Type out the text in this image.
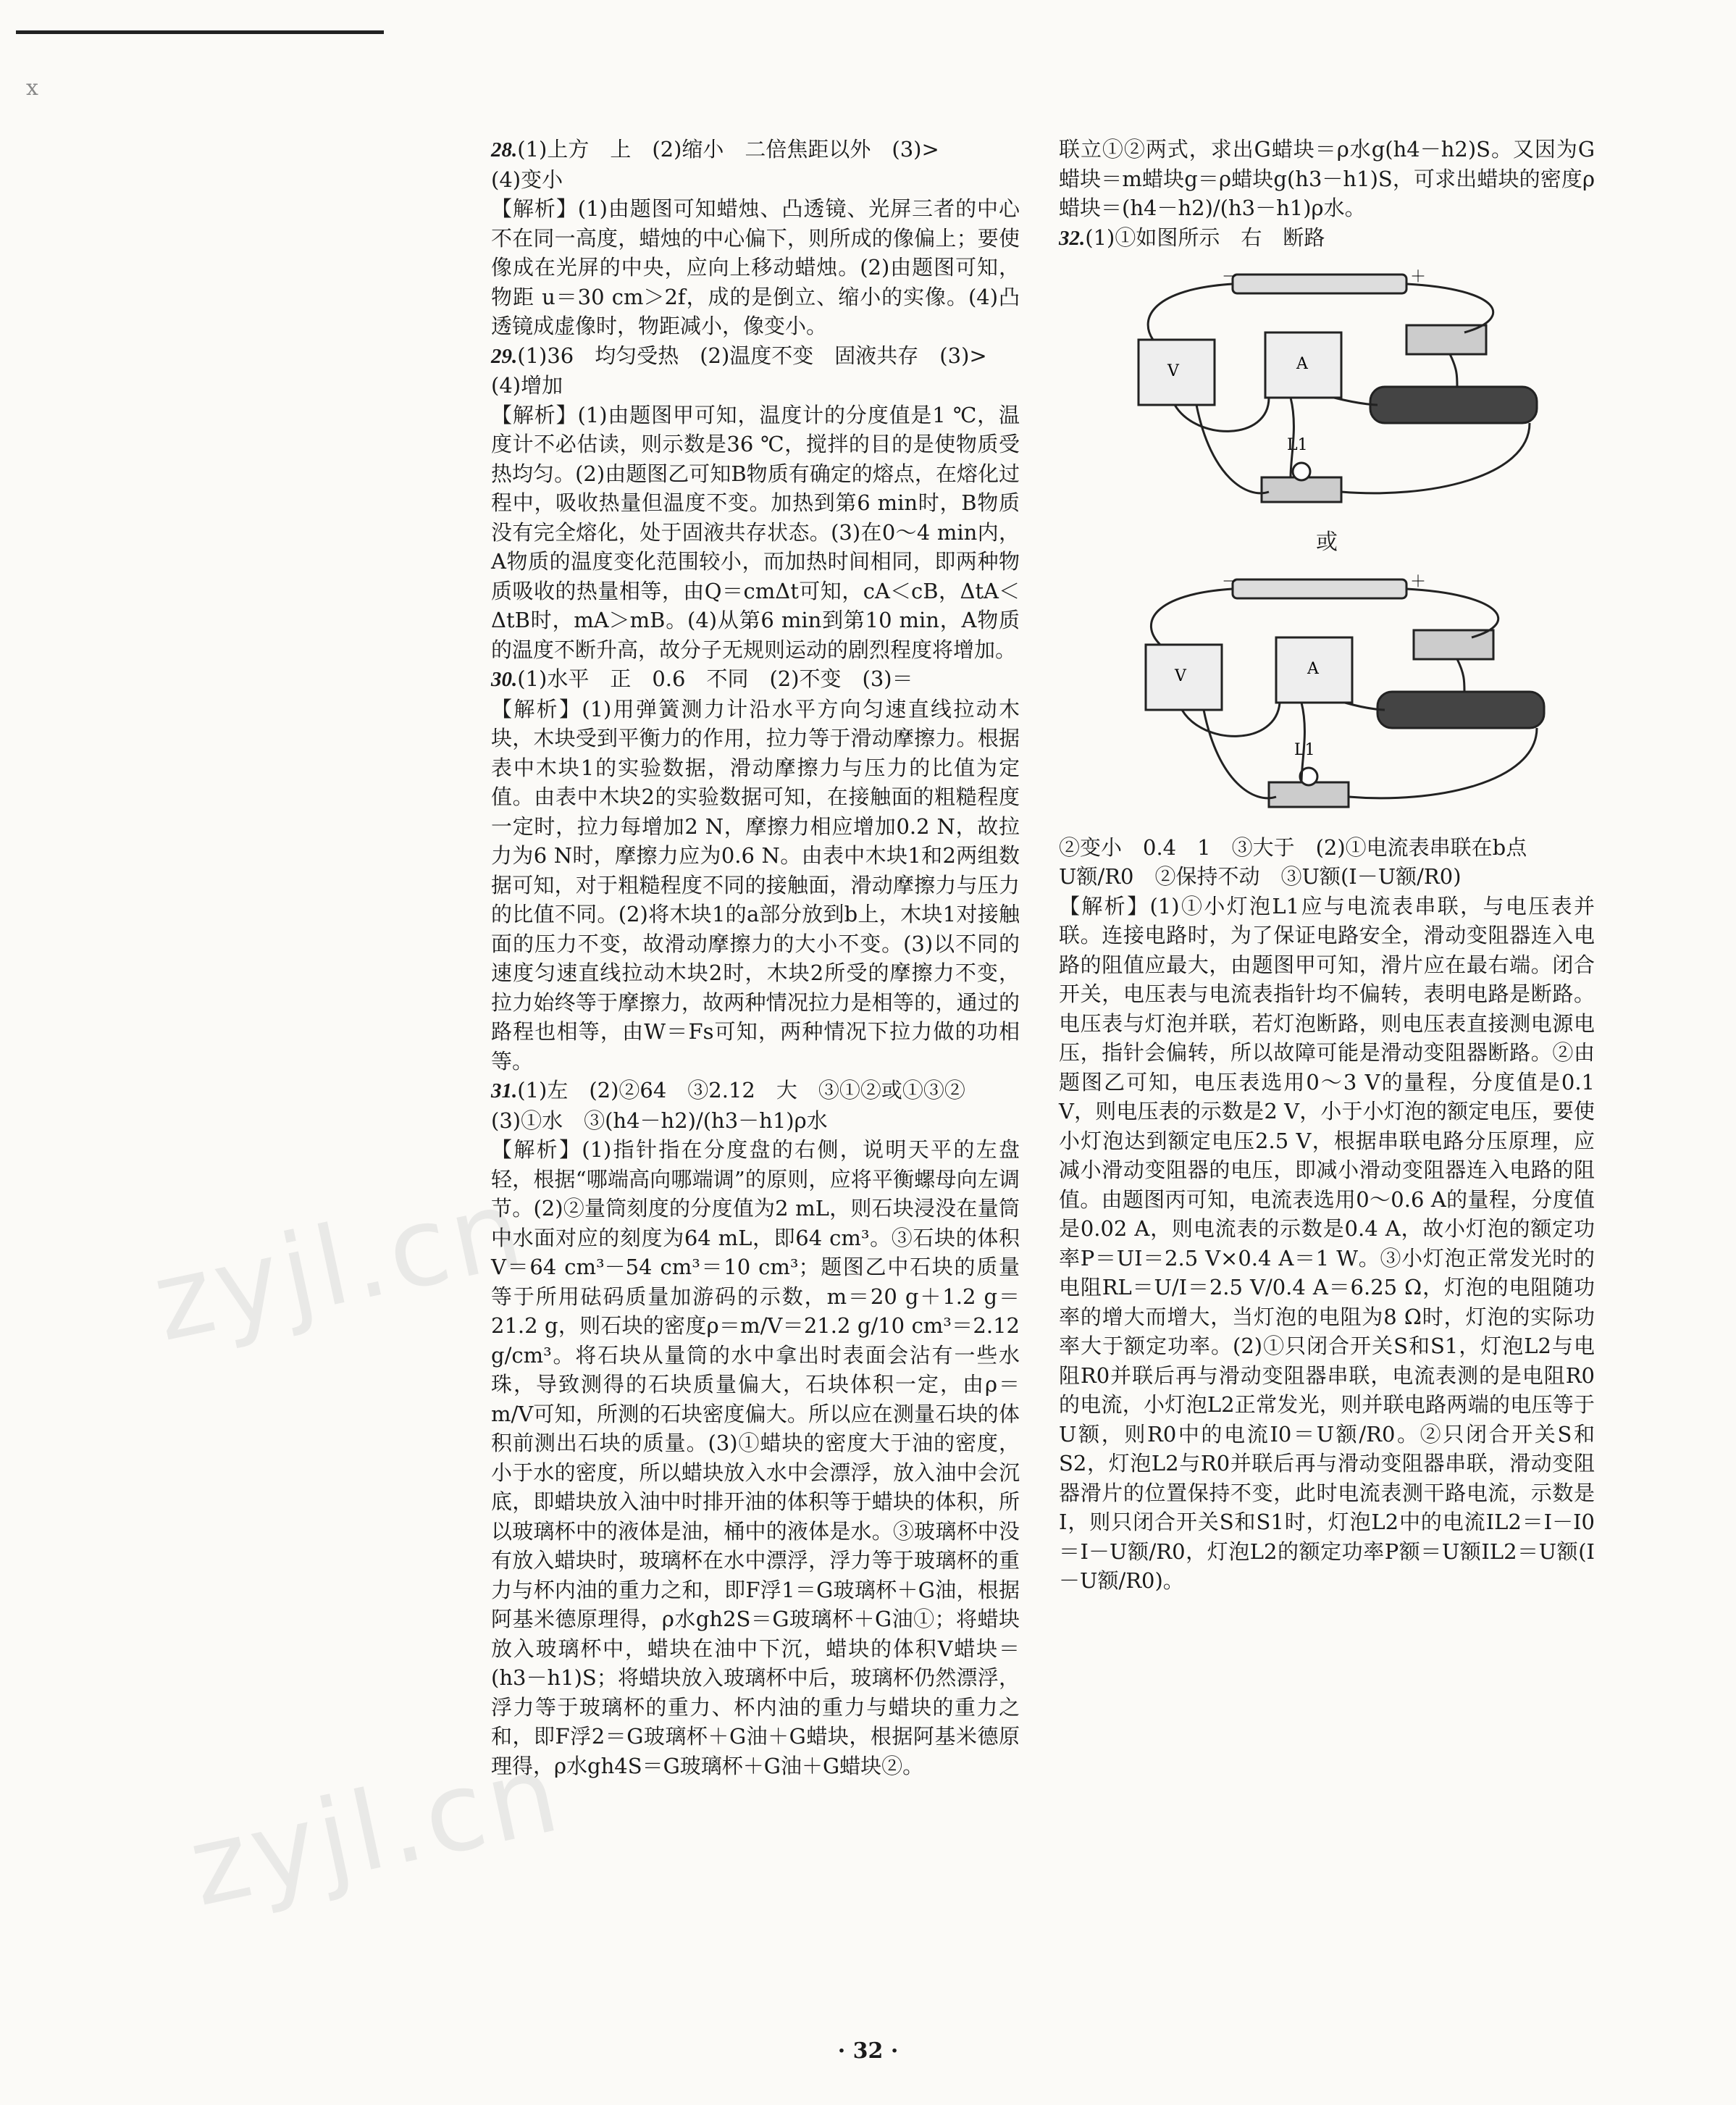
ⅹ
zyjl.cn
zyjl.cn

28.(1)上方　上　(2)缩小　二倍焦距以外　(3)>

(4)变小

【解析】(1)由题图可知蜡烛、凸透镜、光屏三者的中心不在同一高度，蜡烛的中心偏下，则所成的像偏上；要使像成在光屏的中央，应向上移动蜡烛。(2)由题图可知，物距 u＝30 cm＞2f，成的是倒立、缩小的实像。(4)凸透镜成虚像时，物距减小，像变小。

29.(1)36　均匀受热　(2)温度不变　固液共存　(3)>

(4)增加

【解析】(1)由题图甲可知，温度计的分度值是1 ℃，温度计不必估读，则示数是36 ℃，搅拌的目的是使物质受热均匀。(2)由题图乙可知B物质有确定的熔点，在熔化过程中，吸收热量但温度不变。加热到第6 min时，B物质没有完全熔化，处于固液共存状态。(3)在0～4 min内，A物质的温度变化范围较小，而加热时间相同，即两种物质吸收的热量相等，由Q＝cmΔt可知，cA＜cB，ΔtA＜ΔtB时，mA＞mB。(4)从第6 min到第10 min，A物质的温度不断升高，故分子无规则运动的剧烈程度将增加。

30.(1)水平　正　0.6　不同　(2)不变　(3)＝

【解析】(1)用弹簧测力计沿水平方向匀速直线拉动木块，木块受到平衡力的作用，拉力等于滑动摩擦力。根据表中木块1的实验数据，滑动摩擦力与压力的比值为定值。由表中木块2的实验数据可知，在接触面的粗糙程度一定时，拉力每增加2 N，摩擦力相应增加0.2 N，故拉力为6 N时，摩擦力应为0.6 N。由表中木块1和2两组数据可知，对于粗糙程度不同的接触面，滑动摩擦力与压力的比值不同。(2)将木块1的a部分放到b上，木块1对接触面的压力不变，故滑动摩擦力的大小不变。(3)以不同的速度匀速直线拉动木块2时，木块2所受的摩擦力不变，拉力始终等于摩擦力，故两种情况拉力是相等的，通过的路程也相等，由W＝Fs可知，两种情况下拉力做的功相等。

31.(1)左　(2)②64　③2.12　大　③①②或①③②

(3)①水　③(h4－h2)/(h3－h1)ρ水

【解析】(1)指针指在分度盘的右侧，说明天平的左盘轻，根据“哪端高向哪端调”的原则，应将平衡螺母向左调节。(2)②量筒刻度的分度值为2 mL，则石块浸没在量筒中水面对应的刻度为64 mL，即64 cm³。③石块的体积V＝64 cm³－54 cm³＝10 cm³；题图乙中石块的质量等于所用砝码质量加游码的示数，m＝20 g＋1.2 g＝21.2 g，则石块的密度ρ＝m/V＝21.2 g/10 cm³＝2.12 g/cm³。将石块从量筒的水中拿出时表面会沾有一些水珠，导致测得的石块质量偏大，石块体积一定，由ρ＝m/V可知，所测的石块密度偏大。所以应在测量石块的体积前测出石块的质量。(3)①蜡块的密度大于油的密度，小于水的密度，所以蜡块放入水中会漂浮，放入油中会沉底，即蜡块放入油中时排开油的体积等于蜡块的体积，所以玻璃杯中的液体是油，桶中的液体是水。③玻璃杯中没有放入蜡块时，玻璃杯在水中漂浮，浮力等于玻璃杯的重力与杯内油的重力之和，即F浮1＝G玻璃杯＋G油，根据阿基米德原理得，ρ水gh2S＝G玻璃杯＋G油①；将蜡块放入玻璃杯中，蜡块在油中下沉，蜡块的体积V蜡块＝(h3－h1)S；将蜡块放入玻璃杯中后，玻璃杯仍然漂浮，浮力等于玻璃杯的重力、杯内油的重力与蜡块的重力之和，即F浮2＝G玻璃杯＋G油＋G蜡块，根据阿基米德原理得，ρ水gh4S＝G玻璃杯＋G油＋G蜡块②。

联立①②两式，求出G蜡块＝ρ水g(h4－h2)S。又因为G蜡块＝m蜡块g＝ρ蜡块g(h3－h1)S，可求出蜡块的密度ρ蜡块＝(h4－h2)/(h3－h1)ρ水。

32.(1)①如图所示　右　断路

－	＋
V	A
L1
或
－	＋
V	A
L1

②变小　0.4　1　③大于　(2)①电流表串联在b点

U额/R0　②保持不动　③U额(I－U额/R0)

【解析】(1)①小灯泡L1应与电流表串联，与电压表并联。连接电路时，为了保证电路安全，滑动变阻器连入电路的阻值应最大，由题图甲可知，滑片应在最右端。闭合开关，电压表与电流表指针均不偏转，表明电路是断路。电压表与灯泡并联，若灯泡断路，则电压表直接测电源电压，指针会偏转，所以故障可能是滑动变阻器断路。②由题图乙可知，电压表选用0～3 V的量程，分度值是0.1 V，则电压表的示数是2 V，小于小灯泡的额定电压，要使小灯泡达到额定电压2.5 V，根据串联电路分压原理，应减小滑动变阻器的电压，即减小滑动变阻器连入电路的阻值。由题图丙可知，电流表选用0～0.6 A的量程，分度值是0.02 A，则电流表的示数是0.4 A，故小灯泡的额定功率P＝UI＝2.5 V×0.4 A＝1 W。③小灯泡正常发光时的电阻RL＝U/I＝2.5 V/0.4 A＝6.25 Ω，灯泡的电阻随功率的增大而增大，当灯泡的电阻为8 Ω时，灯泡的实际功率大于额定功率。(2)①只闭合开关S和S1，灯泡L2与电阻R0并联后再与滑动变阻器串联，电流表测的是电阻R0的电流，小灯泡L2正常发光，则并联电路两端的电压等于U额，则R0中的电流I0＝U额/R0。②只闭合开关S和S2，灯泡L2与R0并联后再与滑动变阻器串联，滑动变阻器滑片的位置保持不变，此时电流表测干路电流，示数是I，则只闭合开关S和S1时，灯泡L2中的电流IL2＝I－I0＝I－U额/R0，灯泡L2的额定功率P额＝U额IL2＝U额(I－U额/R0)。

· 32 ·
